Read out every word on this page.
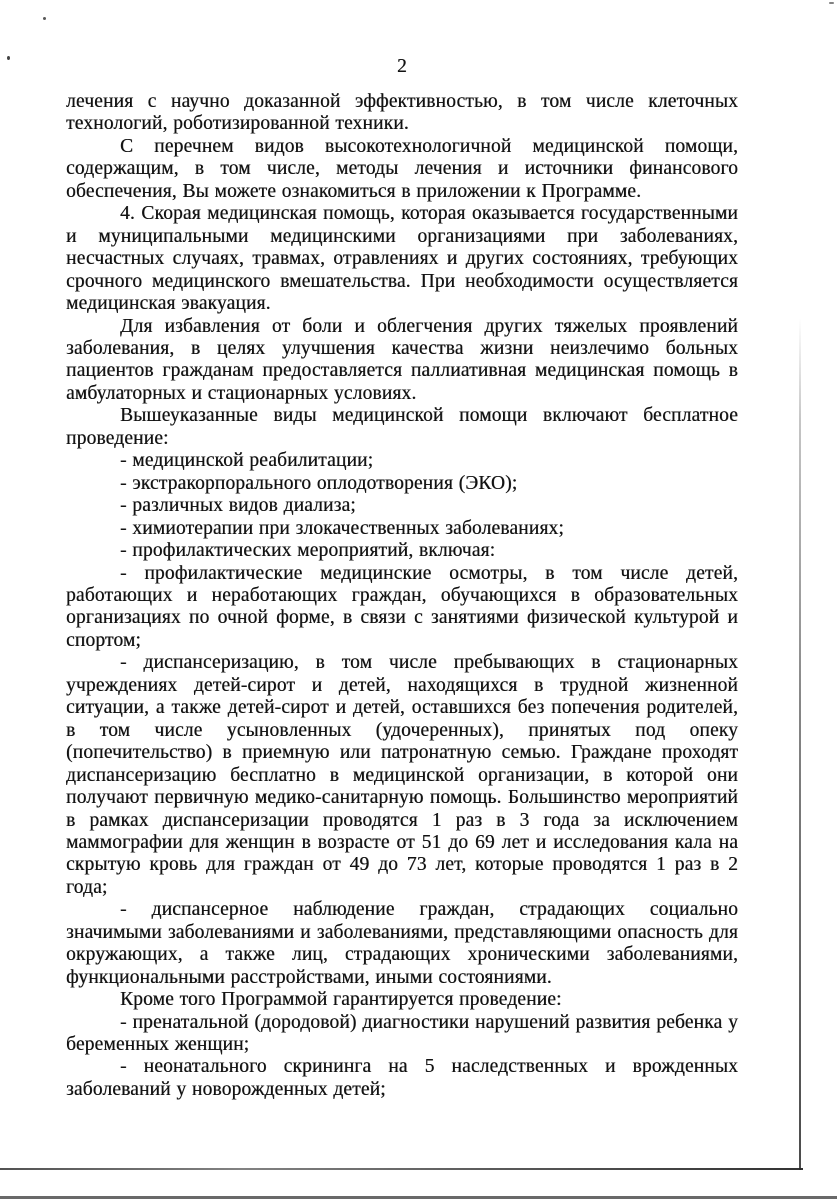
2

лечения с научно доказанной эффективностью, в том числе клеточных технологий, роботизированной техники.

С перечнем видов высокотехнологичной медицинской помощи, содержащим, в том числе, методы лечения и источники финансового обеспечения, Вы можете ознакомиться в приложении к Программе.

4. Скорая медицинская помощь, которая оказывается государственными и муниципальными медицинскими организациями при заболеваниях, несчастных случаях, травмах, отравлениях и других состояниях, требующих срочного медицинского вмешательства. При необходимости осуществляется медицинская эвакуация.

Для избавления от боли и облегчения других тяжелых проявлений заболевания, в целях улучшения качества жизни неизлечимо больных пациентов гражданам предоставляется паллиативная медицинская помощь в амбулаторных и стационарных условиях.

Вышеуказанные виды медицинской помощи включают бесплатное проведение:

- медицинской реабилитации;

- экстракорпорального оплодотворения (ЭКО);

- различных видов диализа;

- химиотерапии при злокачественных заболеваниях;

- профилактических мероприятий, включая:

- профилактические медицинские осмотры, в том числе детей, работающих и неработающих граждан, обучающихся в образовательных организациях по очной форме, в связи с занятиями физической культурой и спортом;

- диспансеризацию, в том числе пребывающих в стационарных учреждениях детей-сирот и детей, находящихся в трудной жизненной ситуации, а также детей-сирот и детей, оставшихся без попечения родителей, в том числе усыновленных (удочеренных), принятых под опеку (попечительство) в приемную или патронатную семью. Граждане проходят диспансеризацию бесплатно в медицинской организации, в которой они получают первичную медико-санитарную помощь. Большинство мероприятий в рамках диспансеризации проводятся 1 раз в 3 года за исключением маммографии для женщин в возрасте от 51 до 69 лет и исследования кала на скрытую кровь для граждан от 49 до 73 лет, которые проводятся 1 раз в 2 года;

- диспансерное наблюдение граждан, страдающих социально значимыми заболеваниями и заболеваниями, представляющими опасность для окружающих, а также лиц, страдающих хроническими заболеваниями, функциональными расстройствами, иными состояниями.

Кроме того Программой гарантируется проведение:

- пренатальной (дородовой) диагностики нарушений развития ребенка у беременных женщин;

- неонатального скрининга на 5 наследственных и врожденных заболеваний у новорожденных детей;
